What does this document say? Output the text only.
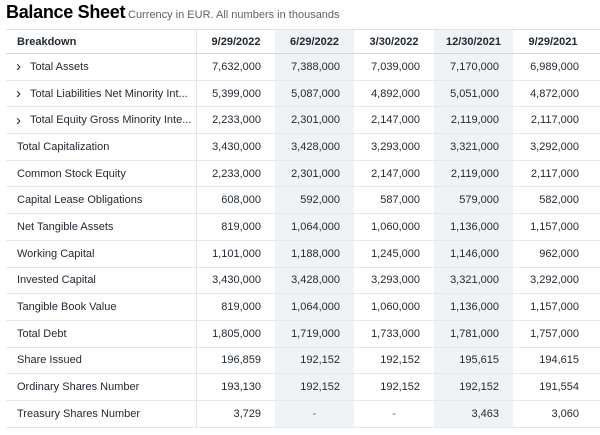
Balance Sheet Currency in EUR. All numbers in thousands
Breakdown	9/29/2022	6/29/2022	3/30/2022	12/30/2021	9/29/2021
› Total Assets	7,632,000	7,388,000	7,039,000	7,170,000	6,989,000
› Total Liabilities Net Minority Int...	5,399,000	5,087,000	4,892,000	5,051,000	4,872,000
› Total Equity Gross Minority Inte...	2,233,000	2,301,000	2,147,000	2,119,000	2,117,000
Total Capitalization	3,430,000	3,428,000	3,293,000	3,321,000	3,292,000
Common Stock Equity	2,233,000	2,301,000	2,147,000	2,119,000	2,117,000
Capital Lease Obligations	608,000	592,000	587,000	579,000	582,000
Net Tangible Assets	819,000	1,064,000	1,060,000	1,136,000	1,157,000
Working Capital	1,101,000	1,188,000	1,245,000	1,146,000	962,000
Invested Capital	3,430,000	3,428,000	3,293,000	3,321,000	3,292,000
Tangible Book Value	819,000	1,064,000	1,060,000	1,136,000	1,157,000
Total Debt	1,805,000	1,719,000	1,733,000	1,781,000	1,757,000
Share Issued	196,859	192,152	192,152	195,615	194,615
Ordinary Shares Number	193,130	192,152	192,152	192,152	191,554
Treasury Shares Number	3,729	-	-	3,463	3,060
